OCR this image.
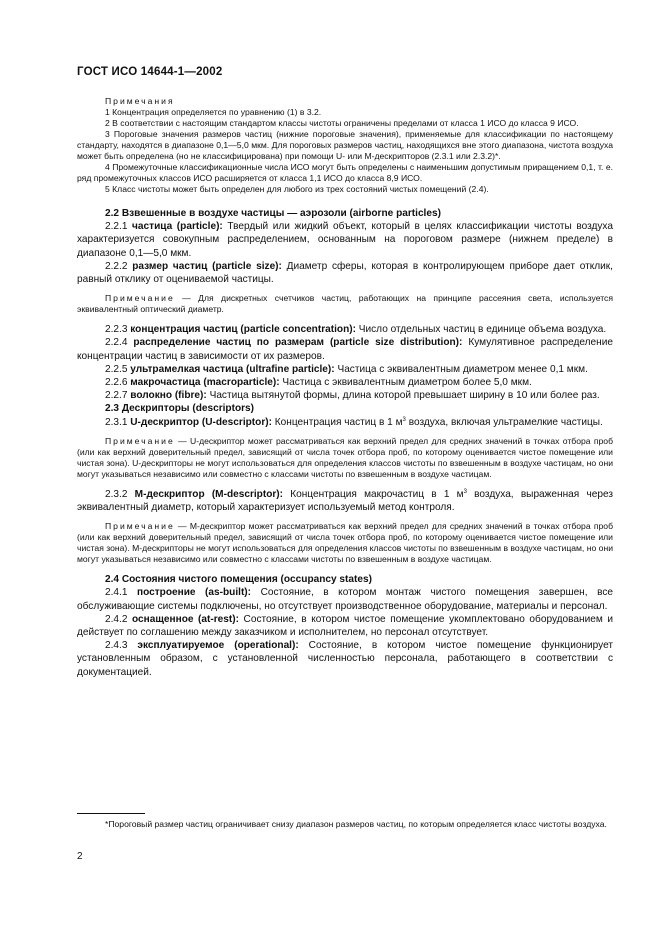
ГОСТ ИСО 14644-1—2002

Примечания

1 Концентрация определяется по уравнению (1) в 3.2.

2 В соответствии с настоящим стандартом классы чистоты ограничены пределами от класса 1 ИСО до класса 9 ИСО.

3 Пороговые значения размеров частиц (нижние пороговые значения), применяемые для классификации по настоящему стандарту, находятся в диапазоне 0,1—5,0 мкм. Для пороговых размеров частиц, находящихся вне этого диапазона, чистота воздуха может быть определена (но не классифицирована) при помощи U- или M-дескрипторов (2.3.1 или 2.3.2)*.

4 Промежуточные классификационные числа ИСО могут быть определены с наименьшим допустимым приращением 0,1, т. е. ряд промежуточных классов ИСО расширяется от класса 1,1 ИСО до класса 8,9 ИСО.

5 Класс чистоты может быть определен для любого из трех состояний чистых помещений (2.4).

2.2 Взвешенные в воздухе частицы — аэрозоли (airborne particles)

2.2.1 частица (particle): Твердый или жидкий объект, который в целях классификации чистоты воздуха характеризуется совокупным распределением, основанным на пороговом размере (нижнем пределе) в диапазоне 0,1—5,0 мкм.

2.2.2 размер частиц (particle size): Диаметр сферы, которая в контролирующем приборе дает отклик, равный отклику от оцениваемой частицы.

Примечание — Для дискретных счетчиков частиц, работающих на принципе рассеяния света, используется эквивалентный оптический диаметр.

2.2.3 концентрация частиц (particle concentration): Число отдельных частиц в единице объема воздуха.

2.2.4 распределение частиц по размерам (particle size distribution): Кумулятивное распределение концентрации частиц в зависимости от их размеров.

2.2.5 ультрамелкая частица (ultrafine particle): Частица с эквивалентным диаметром менее 0,1 мкм.

2.2.6 макрочастица (macroparticle): Частица с эквивалентным диаметром более 5,0 мкм.

2.2.7 волокно (fibre): Частица вытянутой формы, длина которой превышает ширину в 10 или более раз.

2.3 Дескрипторы (descriptors)

2.3.1 U-дескриптор (U-descriptor): Концентрация частиц в 1 $м^3$ воздуха, включая ультрамелкие частицы.

Примечание — U-дескриптор может рассматриваться как верхний предел для средних значений в точках отбора проб (или как верхний доверительный предел, зависящий от числа точек отбора проб, по которому оценивается чистое помещение или чистая зона). U-дескрипторы не могут использоваться для определения классов чистоты по взвешенным в воздухе частицам, но они могут указываться независимо или совместно с классами чистоты по взвешенным в воздухе частицам.

2.3.2 M-дескриптор (M-descriptor): Концентрация макрочастиц в 1 $м^3$ воздуха, выраженная через эквивалентный диаметр, который характеризует используемый метод контроля.

Примечание — M-дескриптор может рассматриваться как верхний предел для средних значений в точках отбора проб (или как верхний доверительный предел, зависящий от числа точек отбора проб, по которому оценивается чистое помещение или чистая зона). M-дескрипторы не могут использоваться для определения классов чистоты по взвешенным в воздухе частицам, но они могут указываться независимо или совместно с классами чистоты по взвешенным в воздухе частицам.

2.4 Состояния чистого помещения (occupancy states)

2.4.1 построение (as-built): Состояние, в котором монтаж чистого помещения завершен, все обслуживающие системы подключены, но отсутствует производственное оборудование, материалы и персонал.

2.4.2 оснащенное (at-rest): Состояние, в котором чистое помещение укомплектовано оборудованием и действует по соглашению между заказчиком и исполнителем, но персонал отсутствует.

2.4.3 эксплуатируемое (operational): Состояние, в котором чистое помещение функционирует установленным образом, с установленной численностью персонала, работающего в соответствии с документацией.

*Пороговый размер частиц ограничивает снизу диапазон размеров частиц, по которым определяется класс чистоты воздуха.
2
